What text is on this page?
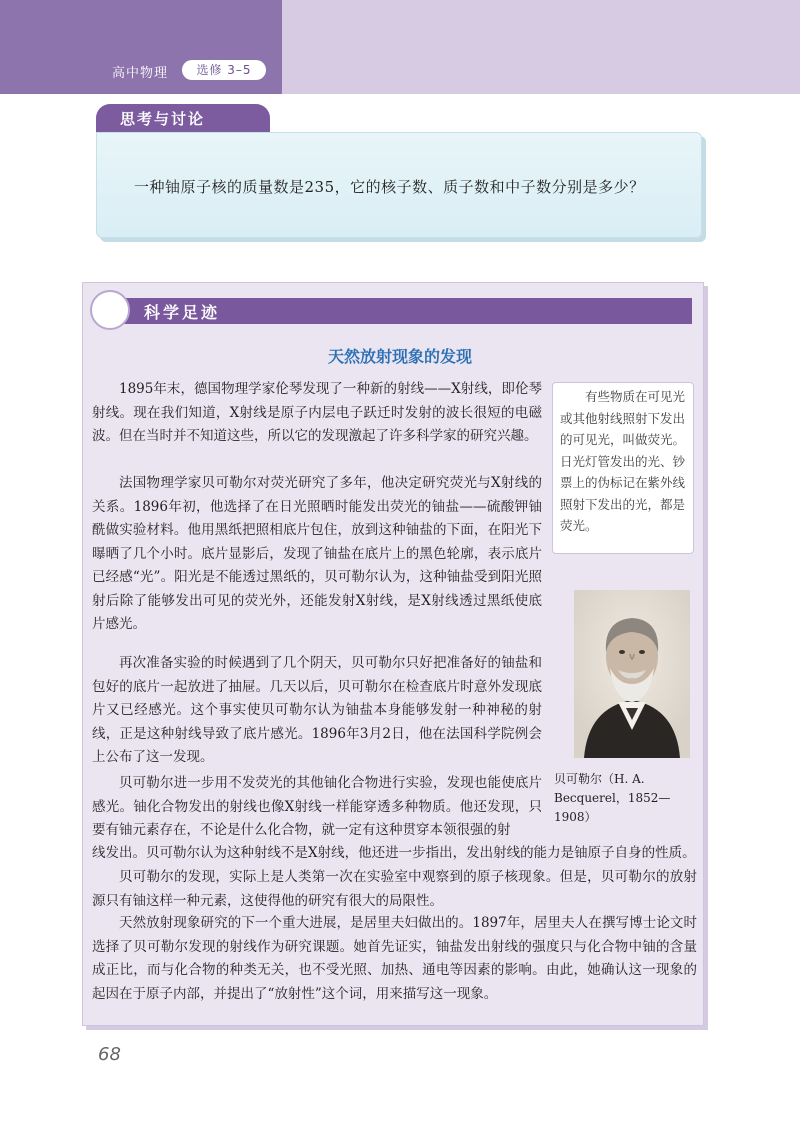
高中物理	选修 3–5
思考与讨论
一种铀原子核的质量数是235，它的核子数、质子数和中子数分别是多少？
科学足迹
天然放射现象的发现

1895年末，德国物理学家伦琴发现了一种新的射线——X射线，即伦琴射线。现在我们知道，X射线是原子内层电子跃迁时发射的波长很短的电磁波。但在当时并不知道这些，所以它的发现激起了许多科学家的研究兴趣。

法国物理学家贝可勒尔对荧光研究了多年，他决定研究荧光与X射线的关系。1896年初，他选择了在日光照晒时能发出荧光的铀盐——硫酸钾铀酰做实验材料。他用黑纸把照相底片包住，放到这种铀盐的下面，在阳光下曝晒了几个小时。底片显影后，发现了铀盐在底片上的黑色轮廓，表示底片已经感“光”。阳光是不能透过黑纸的，贝可勒尔认为，这种铀盐受到阳光照射后除了能够发出可见的荧光外，还能发射X射线，是X射线透过黑纸使底片感光。

再次准备实验的时候遇到了几个阴天，贝可勒尔只好把准备好的铀盐和包好的底片一起放进了抽屉。几天以后，贝可勒尔在检查底片时意外发现底片又已经感光。这个事实使贝可勒尔认为铀盐本身能够发射一种神秘的射线，正是这种射线导致了底片感光。1896年3月2日，他在法国科学院例会上公布了这一发现。

贝可勒尔进一步用不发荧光的其他铀化合物进行实验，发现也能使底片感光。铀化合物发出的射线也像X射线一样能穿透多种物质。他还发现，只要有铀元素存在，不论是什么化合物，就一定有这种贯穿本领很强的射

线发出。贝可勒尔认为这种射线不是X射线，他还进一步指出，发出射线的能力是铀原子自身的性质。

贝可勒尔的发现，实际上是人类第一次在实验室中观察到的原子核现象。但是，贝可勒尔的放射源只有铀这样一种元素，这使得他的研究有很大的局限性。

天然放射现象研究的下一个重大进展，是居里夫妇做出的。1897年，居里夫人在撰写博士论文时选择了贝可勒尔发现的射线作为研究课题。她首先证实，铀盐发出射线的强度只与化合物中铀的含量成正比，而与化合物的种类无关，也不受光照、加热、通电等因素的影响。由此，她确认这一现象的起因在于原子内部，并提出了“放射性”这个词，用来描写这一现象。

有些物质在可见光或其他射线照射下发出的可见光，叫做荧光。日光灯管发出的光、钞票上的伪标记在紫外线照射下发出的光，都是荧光。
贝可勒尔（H. A. Becquerel，1852—1908）
68
